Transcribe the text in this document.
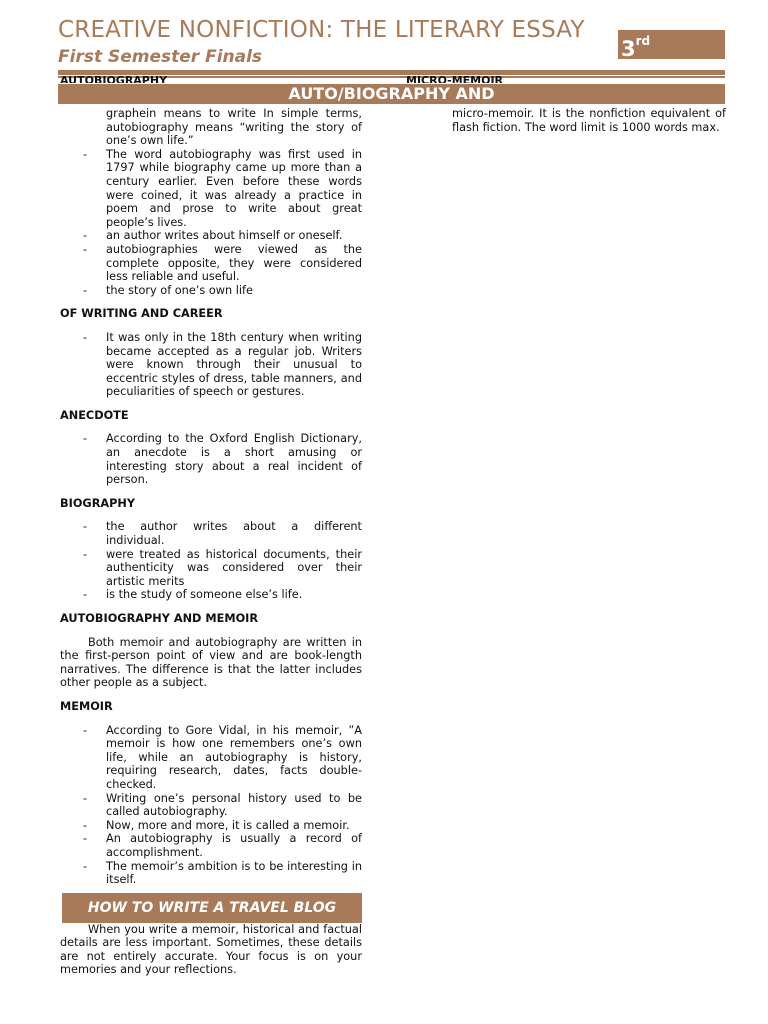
CREATIVE NONFICTION: THE LITERARY ESSAY
First Semester Finals	3rd
AUTOBIOGRAPHY	MICRO-MEMOIR
AUTO/BIOGRAPHY AND
graphein means to write In simple terms, autobiography means “writing the story of one’s own life.”
- The word autobiography was first used in 1797 while biography came up more than a century earlier. Even before these words were coined, it was already a practice in poem and prose to write about great people’s lives.
- an author writes about himself or oneself.
- autobiographies were viewed as the complete opposite, they were considered less reliable and useful.
- the story of one’s own life
OF WRITING AND CAREER
- It was only in the 18th century when writing became accepted as a regular job. Writers were known through their unusual to eccentric styles of dress, table manners, and peculiarities of speech or gestures.
ANECDOTE
- According to the Oxford English Dictionary, an anecdote is a short amusing or interesting story about a real incident of person.
BIOGRAPHY
- the author writes about a different individual.
- were treated as historical documents, their authenticity was considered over their artistic merits
- is the study of someone else’s life.
AUTOBIOGRAPHY AND MEMOIR

Both memoir and autobiography are written in the first-person point of view and are book-length narratives. The difference is that the latter includes other people as a subject.

MEMOIR
- According to Gore Vidal, in his memoir, ”A memoir is how one remembers one’s own life, while an autobiography is history, requiring research, dates, facts double-checked.
- Writing one’s personal history used to be called autobiography.
- Now, more and more, it is called a memoir.
- An autobiography is usually a record of accomplishment.
- The memoir’s ambition is to be interesting in itself.
HOW TO WRITE A TRAVEL BLOG

When you write a memoir, historical and factual details are less important. Sometimes, these details are not entirely accurate. Your focus is on your memories and your reflections.

micro-memoir. It is the nonfiction equivalent of flash fiction. The word limit is 1000 words max.
